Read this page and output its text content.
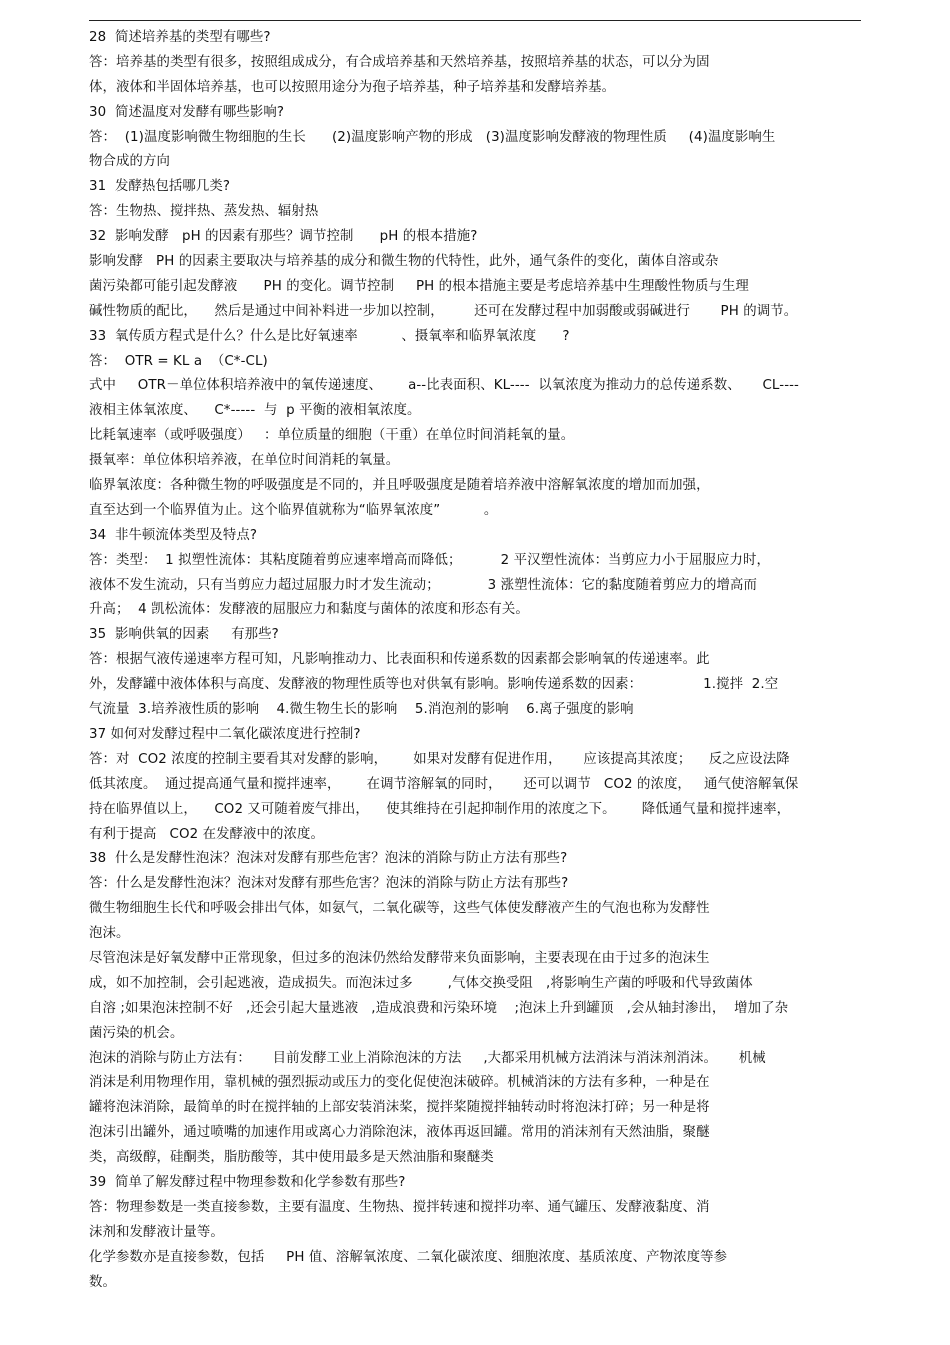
28  简述培养基的类型有哪些?
答：培养基的类型有很多，按照组成成分，有合成培养基和天然培养基，按照培养基的状态，可以分为固
体，液体和半固体培养基，也可以按照用途分为孢子培养基，种子培养基和发酵培养基。
30  简述温度对发酵有哪些影响?
答：  (1)温度影响微生物细胞的生长      (2)温度影响产物的形成   (3)温度影响发酵液的物理性质     (4)温度影响生
物合成的方向
31  发酵热包括哪几类?
答：生物热、搅拌热、蒸发热、辐射热
32  影响发酵   pH 的因素有那些？调节控制      pH 的根本措施?
影响发酵   PH 的因素主要取决与培养基的成分和微生物的代特性，此外，通气条件的变化，菌体自溶或杂
菌污染都可能引起发酵液      PH 的变化。调节控制     PH 的根本措施主要是考虑培养基中生理酸性物质与生理
碱性物质的配比，    然后是通过中间补料进一步加以控制，       还可在发酵过程中加弱酸或弱碱进行       PH 的调节。
33  氧传质方程式是什么？什么是比好氧速率          、摄氧率和临界氧浓度      ?
答：  OTR = KL a  （C*-CL)
式中     OTR－单位体积培养液中的氧传递速度、      a--比表面积、KL----  以氧浓度为推动力的总传递系数、     CL----
液相主体氧浓度、    C*-----  与  p 平衡的液相氧浓度。
比耗氧速率（或呼吸强度）   ：单位质量的细胞（干重）在单位时间消耗氧的量。
摄氧率：单位体积培养液，在单位时间消耗的氧量。
临界氧浓度：各种微生物的呼吸强度是不同的，并且呼吸强度是随着培养液中溶解氧浓度的增加而加强，
直至达到一个临界值为止。这个临界值就称为“临界氧浓度”          。
34  非牛顿流体类型及特点?
答：类型：  1 拟塑性流体：其粘度随着剪应速率增高而降低；         2 平汉塑性流体：当剪应力小于屈服应力时，
液体不发生流动，只有当剪应力超过屈服力时才发生流动；           3 涨塑性流体：它的黏度随着剪应力的增高而
升高；  4 凯松流体：发酵液的屈服应力和黏度与菌体的浓度和形态有关。
35  影响供氧的因素     有那些?
答：根据气液传递速率方程可知，凡影响推动力、比表面积和传递系数的因素都会影响氧的传递速率。此
外，发酵罐中液体体积与高度、发酵液的物理性质等也对供氧有影响。影响传递系数的因素：              1.搅拌  2.空
气流量  3.培养液性质的影响    4.微生物生长的影响    5.消泡剂的影响    6.离子强度的影响
37 如何对发酵过程中二氧化碳浓度进行控制?
答：对  CO2 浓度的控制主要看其对发酵的影响，      如果对发酵有促进作用，     应该提高其浓度；    反之应设法降
低其浓度。  通过提高通气量和搅拌速率，      在调节溶解氧的同时，     还可以调节   CO2 的浓度，   通气使溶解氧保
持在临界值以上，    CO2 又可随着废气排出，    使其维持在引起抑制作用的浓度之下。      降低通气量和搅拌速率，
有利于提高   CO2 在发酵液中的浓度。
38  什么是发酵性泡沫？泡沫对发酵有那些危害？泡沫的消除与防止方法有那些?
答：什么是发酵性泡沫？泡沫对发酵有那些危害？泡沫的消除与防止方法有那些?
微生物细胞生长代和呼吸会排出气体，如氨气，二氧化碳等，这些气体使发酵液产生的气泡也称为发酵性
泡沫。
尽管泡沫是好氧发酵中正常现象，但过多的泡沫仍然给发酵带来负面影响，主要表现在由于过多的泡沫生
成，如不加控制，会引起逃液，造成损失。而泡沫过多        ,气体交换受阻   ,将影响生产菌的呼吸和代导致菌体
自溶 ;如果泡沫控制不好   ,还会引起大量逃液   ,造成浪费和污染环境    ;泡沫上升到罐顶   ,会从轴封渗出，  增加了杂
菌污染的机会。
泡沫的消除与防止方法有：     目前发酵工业上消除泡沫的方法     ,大都采用机械方法消沫与消沫剂消沫。     机械
消沫是利用物理作用，靠机械的强烈振动或压力的变化促使泡沫破碎。机械消沫的方法有多种，一种是在
罐将泡沫消除，最简单的时在搅拌轴的上部安装消沫桨，搅拌桨随搅拌轴转动时将泡沫打碎；另一种是将
泡沫引出罐外，通过喷嘴的加速作用或离心力消除泡沫，液体再返回罐。常用的消沫剂有天然油脂，聚醚
类，高级醇，硅酮类，脂肪酸等，其中使用最多是天然油脂和聚醚类
39  简单了解发酵过程中物理参数和化学参数有那些?
答：物理参数是一类直接参数，主要有温度、生物热、搅拌转速和搅拌功率、通气罐压、发酵液黏度、消
沫剂和发酵液计量等。
化学参数亦是直接参数，包括     PH 值、溶解氧浓度、二氧化碳浓度、细胞浓度、基质浓度、产物浓度等参
数。
